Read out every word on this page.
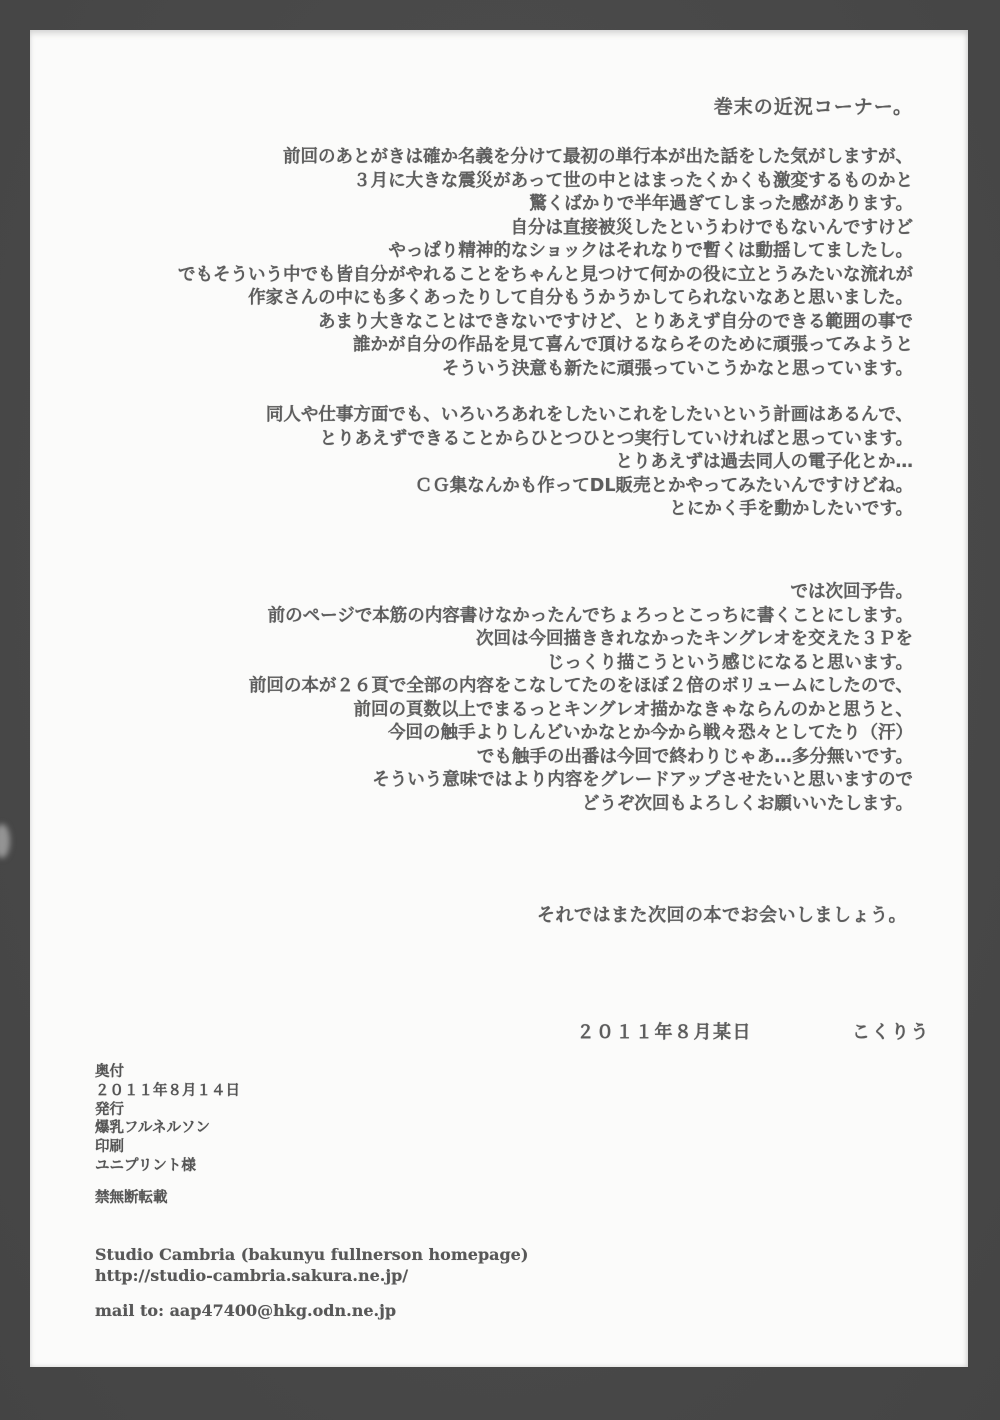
巻末の近況コーナー。
前回のあとがきは確か名義を分けて最初の単行本が出た話をした気がしますが、
３月に大きな震災があって世の中とはまったくかくも激変するものかと
驚くばかりで半年過ぎてしまった感があります。
自分は直接被災したというわけでもないんですけど
やっぱり精神的なショックはそれなりで暫くは動揺してましたし。
でもそういう中でも皆自分がやれることをちゃんと見つけて何かの役に立とうみたいな流れが
作家さんの中にも多くあったりして自分もうかうかしてられないなあと思いました。
あまり大きなことはできないですけど、とりあえず自分のできる範囲の事で
誰かが自分の作品を見て喜んで頂けるならそのために頑張ってみようと
そういう決意も新たに頑張っていこうかなと思っています。
同人や仕事方面でも、いろいろあれをしたいこれをしたいという計画はあるんで、
とりあえずできることからひとつひとつ実行していければと思っています。
とりあえずは過去同人の電子化とか…
ＣＧ集なんかも作ってDL販売とかやってみたいんですけどね。
とにかく手を動かしたいです。
では次回予告。
前のページで本筋の内容書けなかったんでちょろっとこっちに書くことにします。
次回は今回描ききれなかったキングレオを交えた３Ｐを
じっくり描こうという感じになると思います。
前回の本が２６頁で全部の内容をこなしてたのをほぼ２倍のボリュームにしたので、
前回の頁数以上でまるっとキングレオ描かなきゃならんのかと思うと、
今回の触手よりしんどいかなとか今から戦々恐々としてたり（汗）
でも触手の出番は今回で終わりじゃあ…多分無いです。
そういう意味ではより内容をグレードアップさせたいと思いますので
どうぞ次回もよろしくお願いいたします。
それではまた次回の本でお会いしましょう。
２０１１年８月某日	こくりう
奥付
２０１１年８月１４日
発行
爆乳フルネルソン
印刷
ユニプリント様
禁無断転載
Studio Cambria (bakunyu fullnerson homepage)
http://studio-cambria.sakura.ne.jp/
mail to: aap47400@hkg.odn.ne.jp
